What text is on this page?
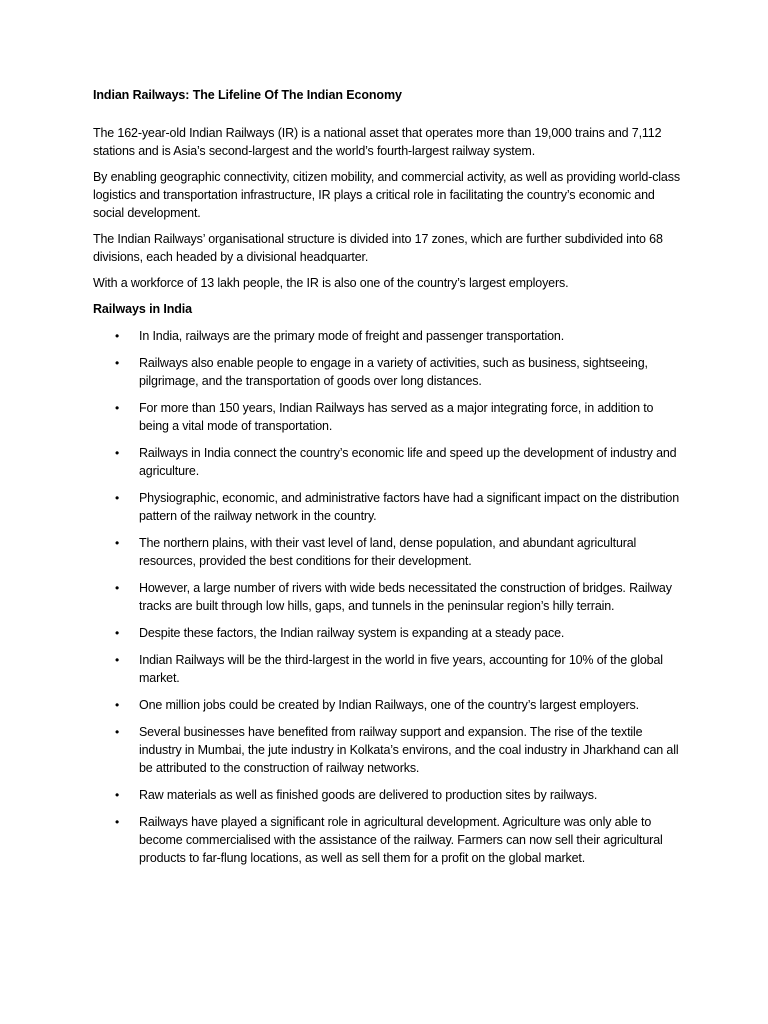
Indian Railways: The Lifeline Of The Indian Economy

The 162-year-old Indian Railways (IR) is a national asset that operates more than 19,000 trains and 7,112 stations and is Asia’s second-largest and the world’s fourth-largest railway system.

By enabling geographic connectivity, citizen mobility, and commercial activity, as well as providing world-class logistics and transportation infrastructure, IR plays a critical role in facilitating the country’s economic and social development.

The Indian Railways’ organisational structure is divided into 17 zones, which are further subdivided into 68 divisions, each headed by a divisional headquarter.

With a workforce of 13 lakh people, the IR is also one of the country’s largest employers.

Railways in India
• In India, railways are the primary mode of freight and passenger transportation.
• Railways also enable people to engage in a variety of activities, such as business, sightseeing, pilgrimage, and the transportation of goods over long distances.
• For more than 150 years, Indian Railways has served as a major integrating force, in addition to being a vital mode of transportation.
• Railways in India connect the country’s economic life and speed up the development of industry and agriculture.
• Physiographic, economic, and administrative factors have had a significant impact on the distribution pattern of the railway network in the country.
• The northern plains, with their vast level of land, dense population, and abundant agricultural resources, provided the best conditions for their development.
• However, a large number of rivers with wide beds necessitated the construction of bridges. Railway tracks are built through low hills, gaps, and tunnels in the peninsular region’s hilly terrain.
• Despite these factors, the Indian railway system is expanding at a steady pace.
• Indian Railways will be the third-largest in the world in five years, accounting for 10% of the global market.
• One million jobs could be created by Indian Railways, one of the country’s largest employers.
• Several businesses have benefited from railway support and expansion. The rise of the textile industry in Mumbai, the jute industry in Kolkata’s environs, and the coal industry in Jharkhand can all be attributed to the construction of railway networks.
• Raw materials as well as finished goods are delivered to production sites by railways.
• Railways have played a significant role in agricultural development. Agriculture was only able to become commercialised with the assistance of the railway. Farmers can now sell their agricultural products to far-flung locations, as well as sell them for a profit on the global market.
